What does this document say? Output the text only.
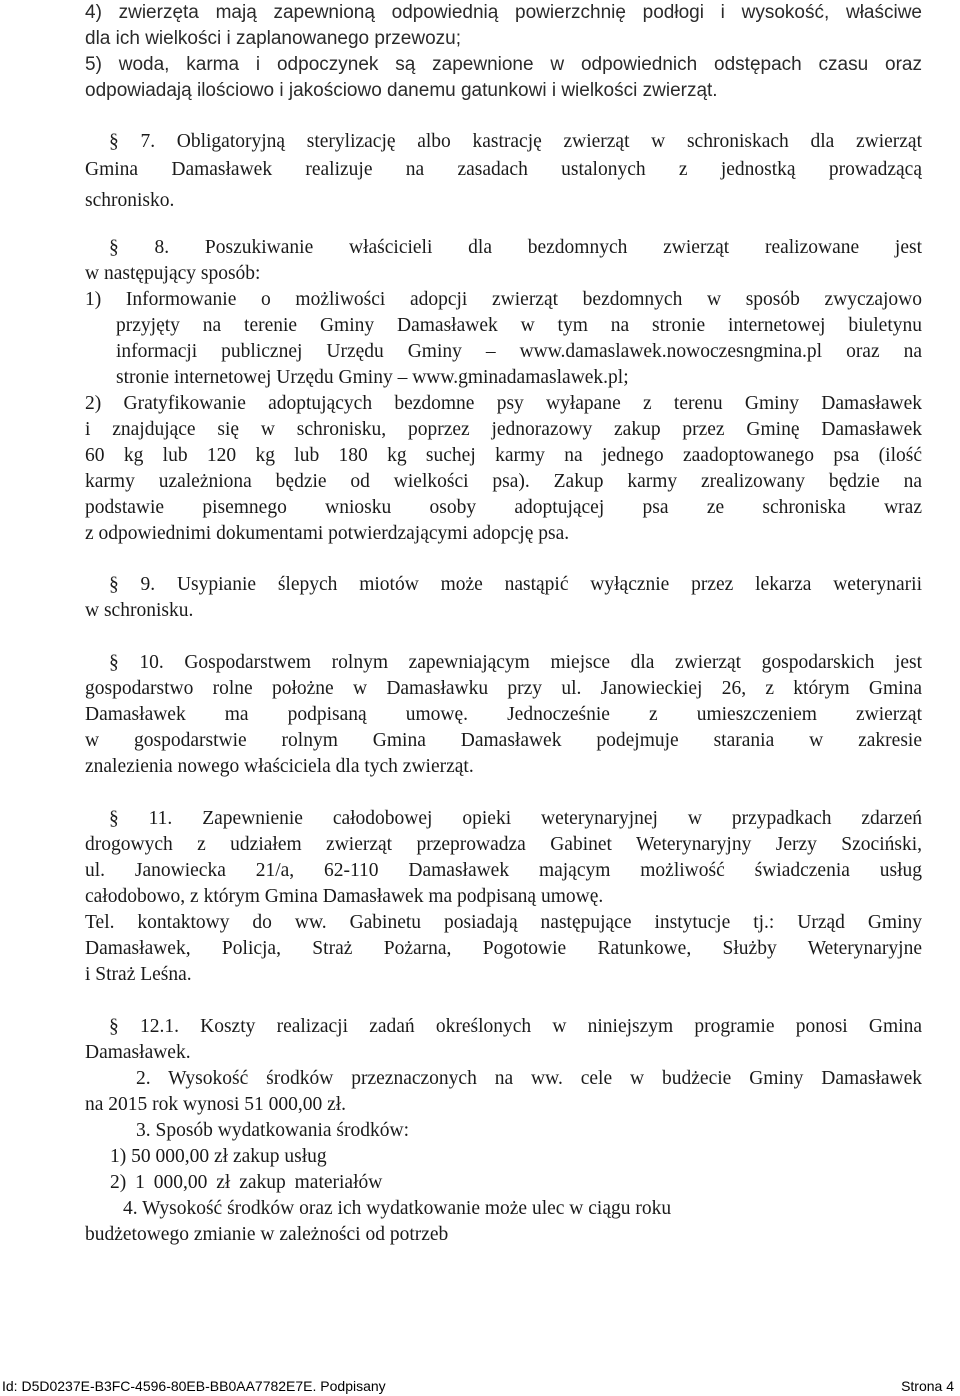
4) zwierzęta mają zapewnioną odpowiednią powierzchnię podłogi i wysokość, właściwe
dla ich wielkości i zaplanowanego przewozu;
5) woda, karma i odpoczynek są zapewnione w odpowiednich odstępach czasu oraz
odpowiadają ilościowo i jakościowo danemu gatunkowi i wielkości zwierząt.
§ 7. Obligatoryjną sterylizację albo kastrację zwierząt w schroniskach dla zwierząt
Gmina Damasławek realizuje na zasadach ustalonych z jednostką prowadzącą
schronisko.
§ 8. Poszukiwanie właścicieli dla bezdomnych zwierząt realizowane jest
w następujący sposób:
1) Informowanie o możliwości adopcji zwierząt bezdomnych w sposób zwyczajowo
przyjęty na terenie Gminy Damasławek w tym na stronie internetowej biuletynu
informacji publicznej Urzędu Gminy – www.damaslawek.nowoczesngmina.pl oraz na
stronie internetowej Urzędu Gminy – www.gminadamaslawek.pl;
2) Gratyfikowanie adoptujących bezdomne psy wyłapane z terenu Gminy Damasławek
i znajdujące się w schronisku, poprzez jednorazowy zakup przez Gminę Damasławek
60 kg lub 120 kg lub 180 kg suchej karmy na jednego zaadoptowanego psa (ilość
karmy uzależniona będzie od wielkości psa). Zakup karmy zrealizowany będzie na
podstawie pisemnego wniosku osoby adoptującej psa ze schroniska wraz
z odpowiednimi dokumentami potwierdzającymi adopcję psa.
§ 9. Usypianie ślepych miotów może nastąpić wyłącznie przez lekarza weterynarii
w schronisku.
§ 10. Gospodarstwem rolnym zapewniającym miejsce dla zwierząt gospodarskich jest
gospodarstwo rolne położne w Damasławku przy ul. Janowieckiej 26, z którym Gmina
Damasławek ma podpisaną umowę. Jednocześnie z umieszczeniem zwierząt
w gospodarstwie rolnym Gmina Damasławek podejmuje starania w zakresie
znalezienia nowego właściciela dla tych zwierząt.
§ 11. Zapewnienie całodobowej opieki weterynaryjnej w przypadkach zdarzeń
drogowych z udziałem zwierząt przeprowadza Gabinet Weterynaryjny Jerzy Szociński,
ul. Janowiecka 21/a, 62-110 Damasławek mającym możliwość świadczenia usług
całodobowo, z którym Gmina Damasławek ma podpisaną umowę.
Tel. kontaktowy do ww. Gabinetu posiadają następujące instytucje tj.: Urząd Gminy
Damasławek, Policja, Straż Pożarna, Pogotowie Ratunkowe, Służby Weterynaryjne
i Straż Leśna.
§ 12.1. Koszty realizacji zadań określonych w niniejszym programie ponosi Gmina
Damasławek.
2. Wysokość środków przeznaczonych na ww. cele w budżecie Gminy Damasławek
na 2015 rok wynosi 51 000,00 zł.
3. Sposób wydatkowania środków:
1) 50 000,00 zł zakup usług
2) 1 000,00 zł zakup materiałów
4. Wysokość środków oraz ich wydatkowanie może ulec w ciągu roku
budżetowego zmianie w zależności od potrzeb
Id: D5D0237E-B3FC-4596-80EB-BB0AA7782E7E. Podpisany	Strona 4
